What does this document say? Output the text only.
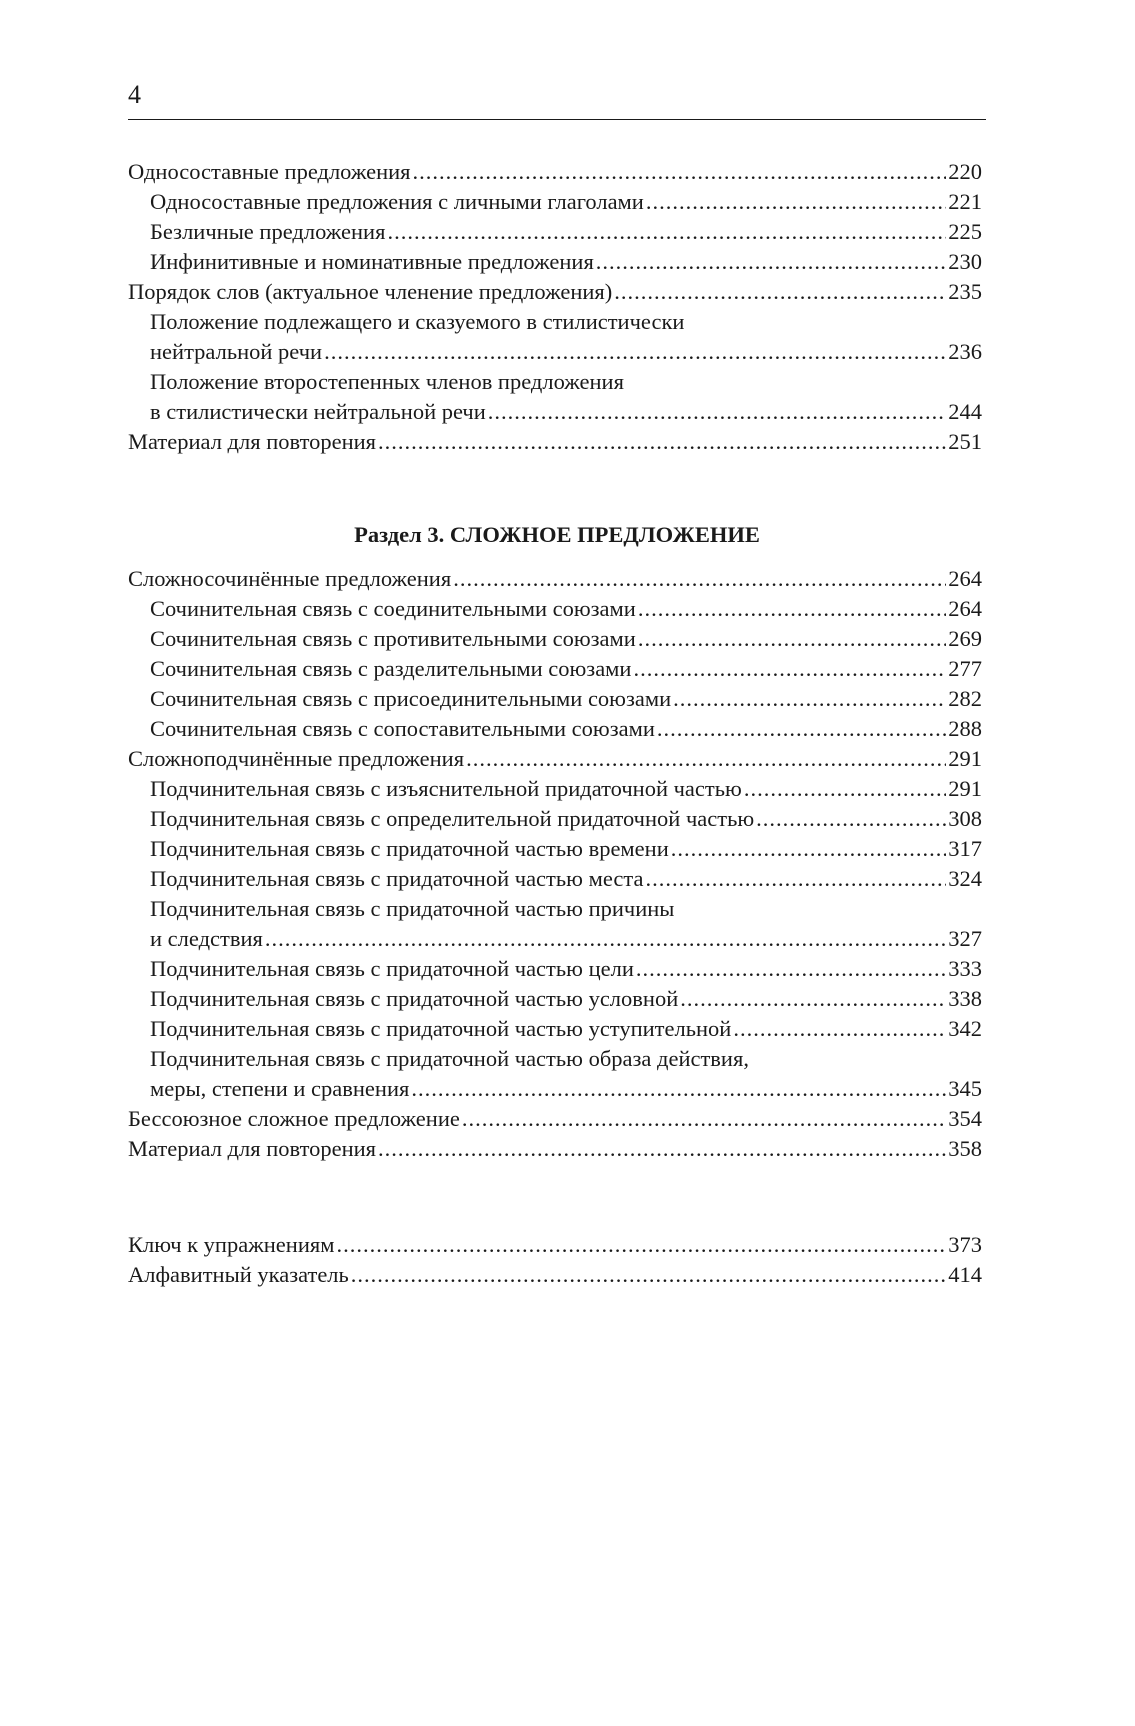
4
Односоставные предложения .....	220
Односоставные предложения с личными глаголами .....	221
Безличные предложения .....	225
Инфинитивные и номинативные предложения .....	230
Порядок слов (актуальное членение предложения) .....	235
Положение подлежащего и сказуемого в стилистически
нейтральной речи .....	236
Положение второстепенных членов предложения
в стилистически нейтральной речи .....	244
Материал для повторения .....	251
Раздел 3. СЛОЖНОЕ ПРЕДЛОЖЕНИЕ
Сложносочинённые предложения .....	264
Сочинительная связь с соединительными союзами .....	264
Сочинительная связь с противительными союзами .....	269
Сочинительная связь с разделительными союзами .....	277
Сочинительная связь с присоединительными союзами .....	282
Сочинительная связь с сопоставительными союзами .....	288
Сложноподчинённые предложения .....	291
Подчинительная связь с изъяснительной придаточной частью .....	291
Подчинительная связь с определительной придаточной частью .....	308
Подчинительная связь с придаточной частью времени .....	317
Подчинительная связь с придаточной частью места .....	324
Подчинительная связь с придаточной частью причины
и следствия .....	327
Подчинительная связь с придаточной частью цели .....	333
Подчинительная связь с придаточной частью условной .....	338
Подчинительная связь с придаточной частью уступительной .....	342
Подчинительная связь с придаточной частью образа действия,
меры, степени и сравнения .....	345
Бессоюзное сложное предложение .....	354
Материал для повторения .....	358
Ключ к упражнениям .....	373
Алфавитный указатель .....	414
